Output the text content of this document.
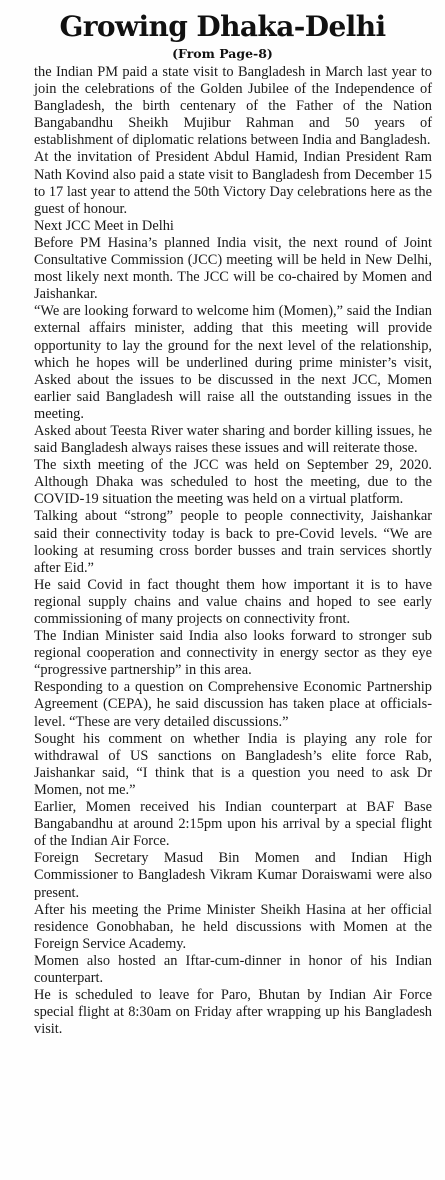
Growing Dhaka-Delhi
(From Page-8)

the Indian PM paid a state visit to Bangladesh in March last year to join the celebrations of the Golden Jubilee of the Independence of Bangladesh, the birth centenary of the Father of the Nation Bangabandhu Sheikh Mujibur Rahman and 50 years of establishment of diplomatic relations between India and Bangladesh.

At the invitation of President Abdul Hamid, Indian President Ram Nath Kovind also paid a state visit to Bangladesh from December 15 to 17 last year to attend the 50th Victory Day celebrations here as the guest of honour.

Next JCC Meet in Delhi

Before PM Hasina’s planned India visit, the next round of Joint Consultative Commission (JCC) meeting will be held in New Delhi, most likely next month. The JCC will be co-chaired by Momen and Jaishankar.

“We are looking forward to welcome him (Momen),” said the Indian external affairs minister, adding that this meeting will provide opportunity to lay the ground for the next level of the relationship, which he hopes will be underlined during prime minister’s visit, Asked about the issues to be discussed in the next JCC, Momen earlier said Bangladesh will raise all the outstanding issues in the meeting.

Asked about Teesta River water sharing and border killing issues, he said Bangladesh always raises these issues and will reiterate those.

The sixth meeting of the JCC was held on September 29, 2020. Although Dhaka was scheduled to host the meeting, due to the COVID-19 situation the meeting was held on a virtual platform.

Talking about “strong” people to people connectivity, Jaishankar said their connectivity today is back to pre-Covid levels. “We are looking at resuming cross border busses and train services shortly after Eid.”

He said Covid in fact thought them how important it is to have regional supply chains and value chains and hoped to see early commissioning of many projects on connectivity front.

The Indian Minister said India also looks forward to stronger sub regional cooperation and connectivity in energy sector as they eye “progressive partnership” in this area.

Responding to a question on Comprehensive Economic Partnership Agreement (CEPA), he said discussion has taken place at officials-level. “These are very detailed discussions.”

Sought his comment on whether India is playing any role for withdrawal of US sanctions on Bangladesh’s elite force Rab, Jaishankar said, “I think that is a question you need to ask Dr Momen, not me.”

Earlier, Momen received his Indian counterpart at BAF Base Bangabandhu at around 2:15pm upon his arrival by a special flight of the Indian Air Force.

Foreign Secretary Masud Bin Momen and Indian High Commissioner to Bangladesh Vikram Kumar Doraiswami were also present.

After his meeting the Prime Minister Sheikh Hasina at her official residence Gonobhaban, he held discussions with Momen at the Foreign Service Academy.

Momen also hosted an Iftar-cum-dinner in honor of his Indian counterpart.

He is scheduled to leave for Paro, Bhutan by Indian Air Force special flight at 8:30am on Friday after wrapping up his Bangladesh visit.
